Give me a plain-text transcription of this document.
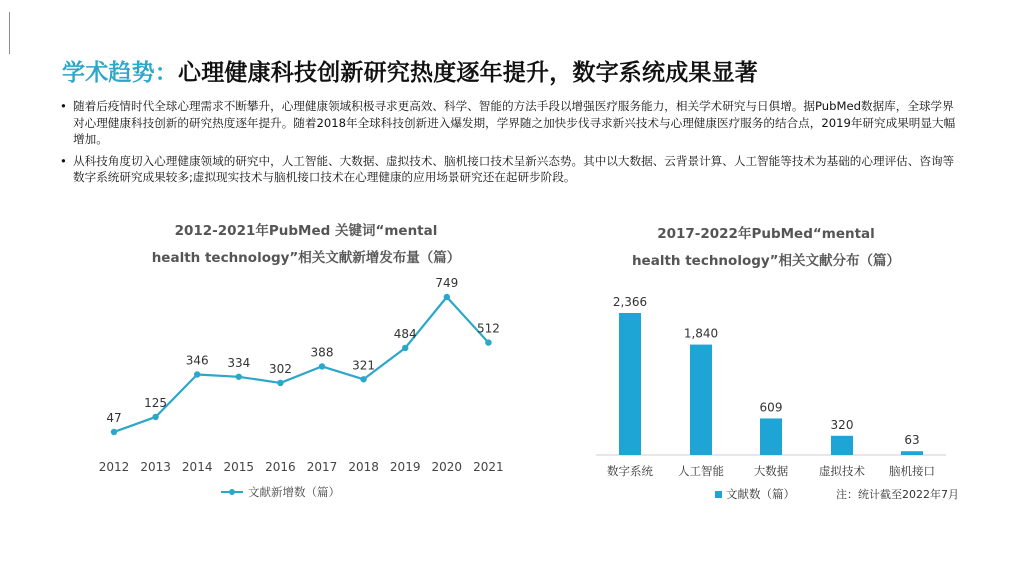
学术趋势：心理健康科技创新研究热度逐年提升，数字系统成果显著
• 随着后疫情时代全球心理需求不断攀升，心理健康领域积极寻求更高效、科学、智能的方法手段以增强医疗服务能力，相关学术研究与日俱增。据PubMed数据库，全球学界对心理健康科技创新的研究热度逐年提升。随着2018年全球科技创新进入爆发期，学界随之加快步伐寻求新兴技术与心理健康医疗服务的结合点，2019年研究成果明显大幅增加。
• 从科技角度切入心理健康领域的研究中，人工智能、大数据、虚拟技术、脑机接口技术呈新兴态势。其中以大数据、云背景计算、人工智能等技术为基础的心理评估、咨询等数字系统研究成果较多;虚拟现实技术与脑机接口技术在心理健康的应用场景研究还在起研步阶段。
2012-2021年PubMed 关键词“mental
health technology”相关文献新增发布量（篇）
2017-2022年PubMed“mental
health technology”相关文献分布（篇）
47
2012
125
2013
346
2014
334
2015
302
2016
388
2017
321
2018
484
2019
749
2020
512
2021
文献新增数（篇）
2,366
数字系统
1,840
人工智能
609
大数据
320
虚拟技术
63
脑机接口
文献数（篇）	注：统计截至2022年7月
